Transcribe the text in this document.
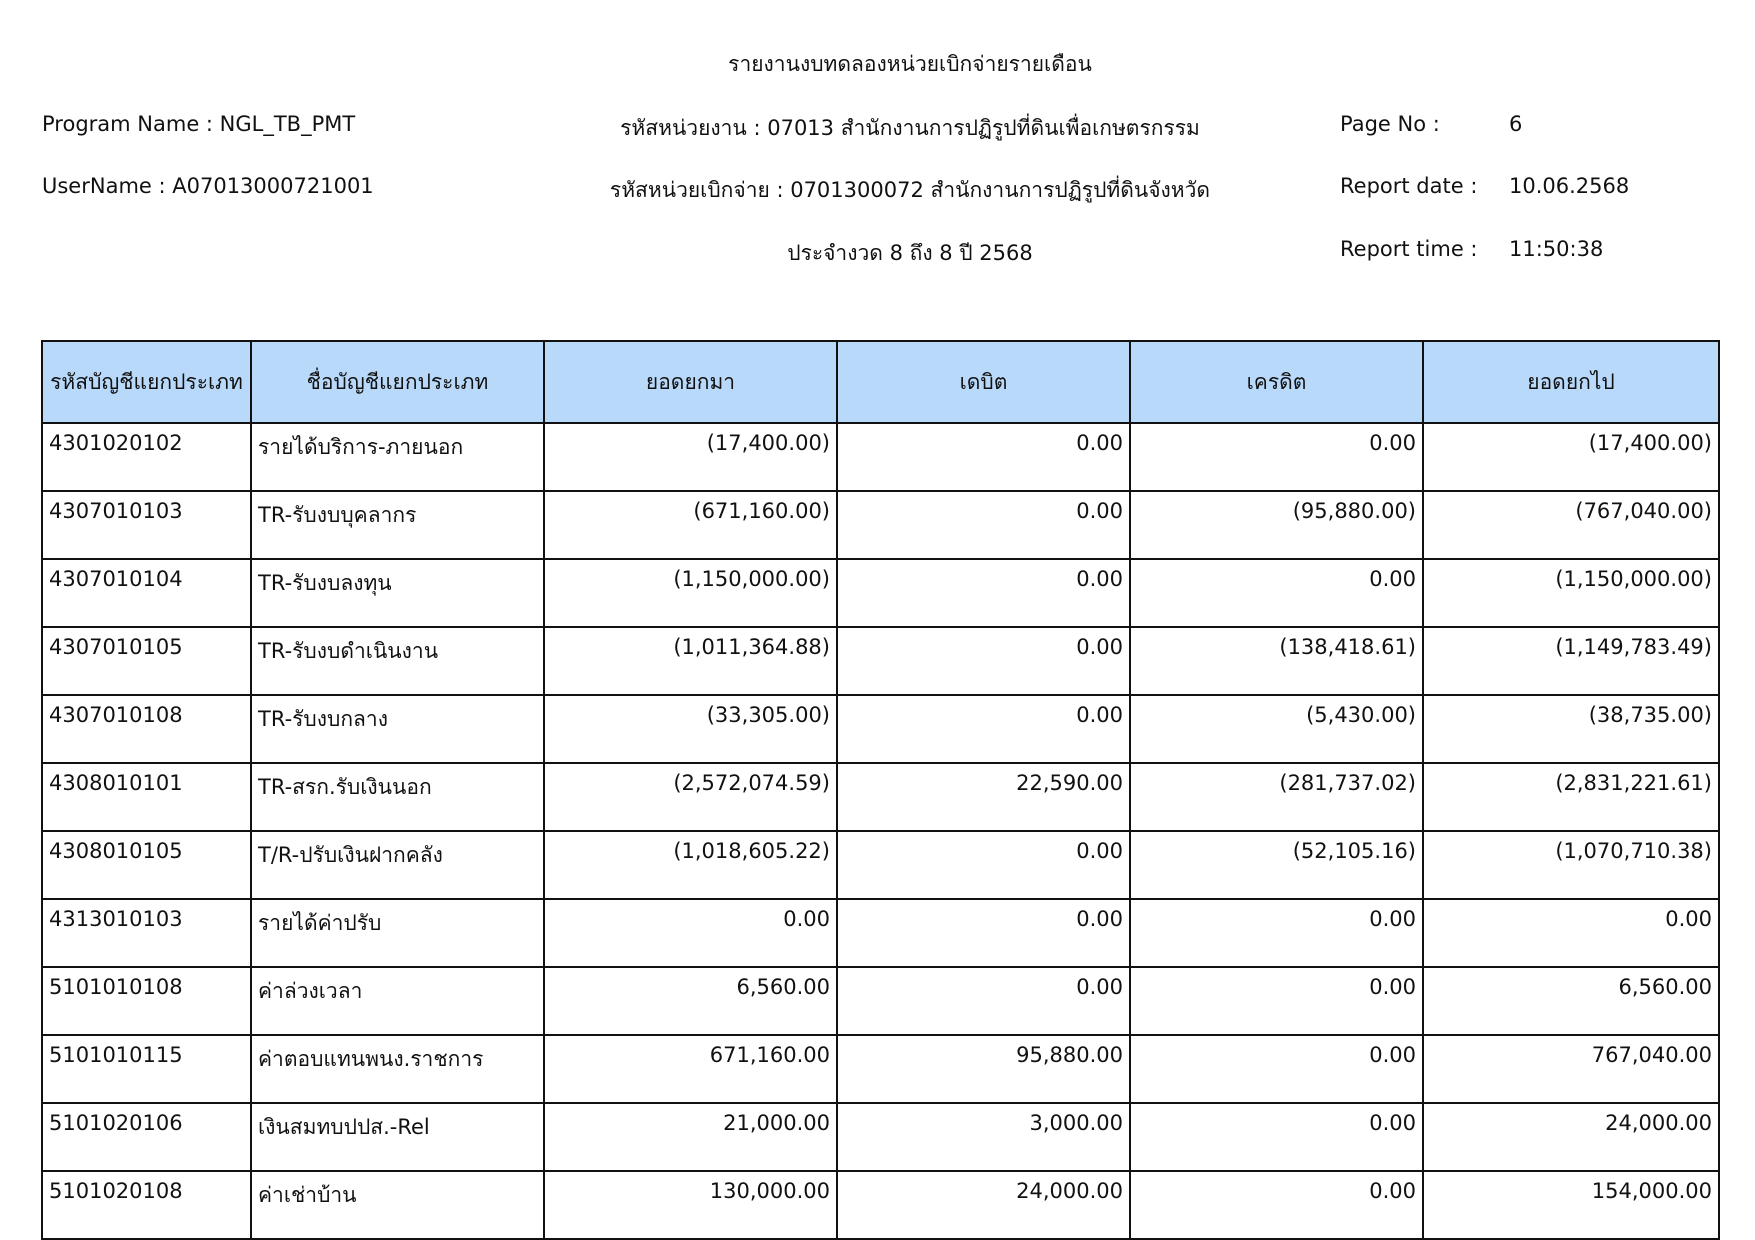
รายงานงบทดลองหน่วยเบิกจ่ายรายเดือน
Program Name : NGL_TB_PMT
UserName : A07013000721001
รหัสหน่วยงาน : 07013 สำนักงานการปฏิรูปที่ดินเพื่อเกษตรกรรม
รหัสหน่วยเบิกจ่าย : 0701300072 สำนักงานการปฏิรูปที่ดินจังหวัด
ประจำงวด 8 ถึง 8 ปี 2568
Page No :	6
Report date : 10.06.2568
Report time : 11:50:38
รหัสบัญชีแยกประเภท	ชื่อบัญชีแยกประเภท	ยอดยกมา	เดบิต	เครดิต	ยอดยกไป
4301020102	รายได้บริการ-ภายนอก	(17,400.00)	0.00	0.00	(17,400.00)
4307010103	TR-รับงบบุคลากร	(671,160.00)	0.00	(95,880.00)	(767,040.00)
4307010104	TR-รับงบลงทุน	(1,150,000.00)	0.00	0.00	(1,150,000.00)
4307010105	TR-รับงบดำเนินงาน	(1,011,364.88)	0.00	(138,418.61)	(1,149,783.49)
4307010108	TR-รับงบกลาง	(33,305.00)	0.00	(5,430.00)	(38,735.00)
4308010101	TR-สรก.รับเงินนอก	(2,572,074.59)	22,590.00	(281,737.02)	(2,831,221.61)
4308010105	T/R-ปรับเงินฝากคลัง	(1,018,605.22)	0.00	(52,105.16)	(1,070,710.38)
4313010103	รายได้ค่าปรับ	0.00	0.00	0.00	0.00
5101010108	ค่าล่วงเวลา	6,560.00	0.00	0.00	6,560.00
5101010115	ค่าตอบแทนพนง.ราชการ	671,160.00	95,880.00	0.00	767,040.00
5101020106	เงินสมทบปปส.-Rel	21,000.00	3,000.00	0.00	24,000.00
5101020108	ค่าเช่าบ้าน	130,000.00	24,000.00	0.00	154,000.00
